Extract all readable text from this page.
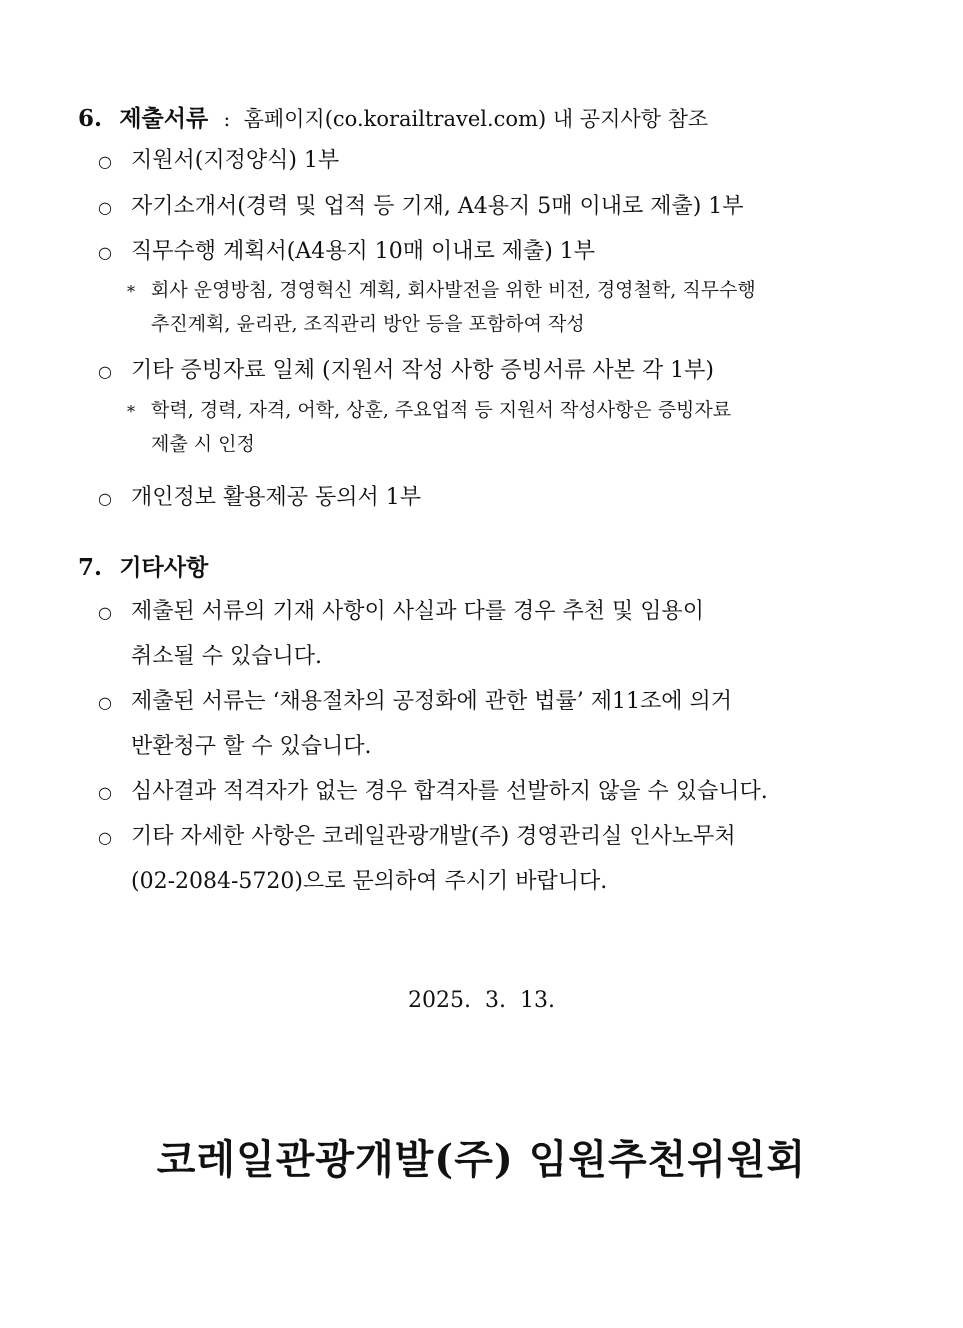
6. 제출서류 : 홈페이지(co.korailtravel.com) 내 공지사항 참조
○ 지원서(지정양식) 1부
○ 자기소개서(경력 및 업적 등 기재, A4용지 5매 이내로 제출) 1부
○ 직무수행 계획서(A4용지 10매 이내로 제출) 1부
* 회사 운영방침, 경영혁신 계획, 회사발전을 위한 비전, 경영철학, 직무수행
추진계획, 윤리관, 조직관리 방안 등을 포함하여 작성
○ 기타 증빙자료 일체 (지원서 작성 사항 증빙서류 사본 각 1부)
* 학력, 경력, 자격, 어학, 상훈, 주요업적 등 지원서 작성사항은 증빙자료
제출 시 인정
○ 개인정보 활용제공 동의서 1부
7. 기타사항
○ 제출된 서류의 기재 사항이 사실과 다를 경우 추천 및 임용이
취소될 수 있습니다.
○ 제출된 서류는 ‘채용절차의 공정화에 관한 법률’ 제11조에 의거
반환청구 할 수 있습니다.
○ 심사결과 적격자가 없는 경우 합격자를 선발하지 않을 수 있습니다.
○ 기타 자세한 사항은 코레일관광개발(주) 경영관리실 인사노무처
(02-2084-5720)으로 문의하여 주시기 바랍니다.
2025.  3.  13.
코레일관광개발(주) 임원추천위원회
